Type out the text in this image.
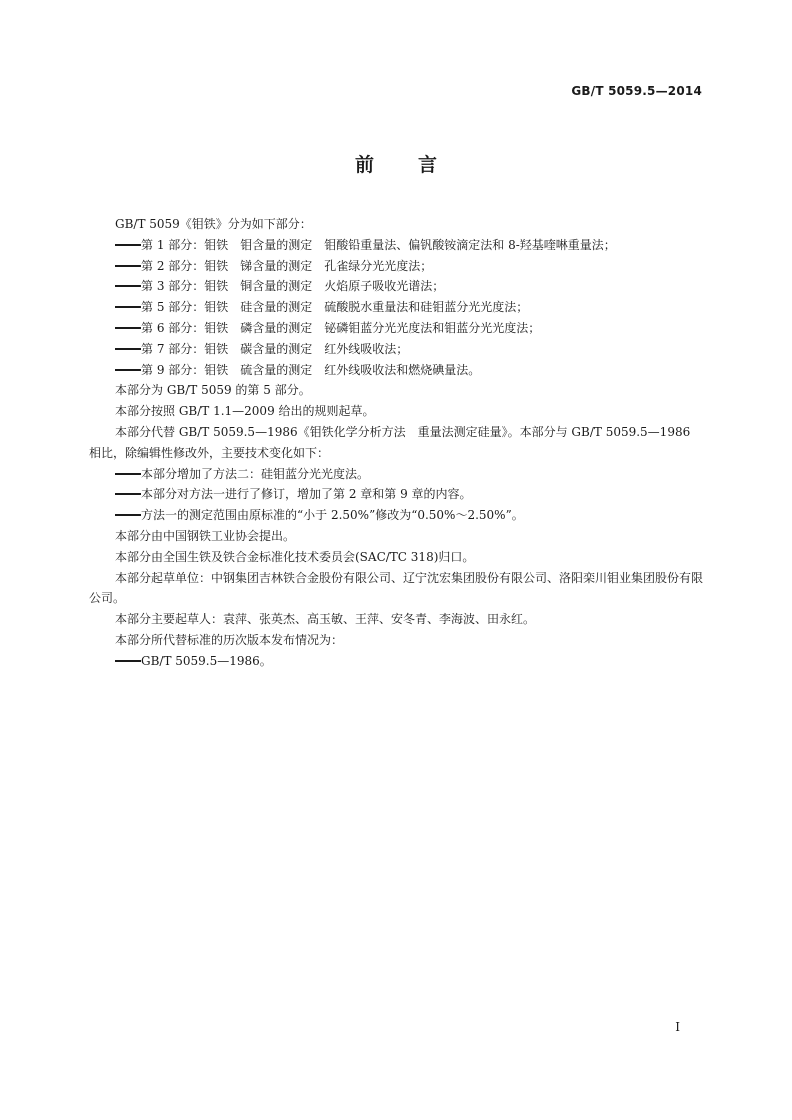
GB/T 5059.5—2014
前言
GB/T 5059《钼铁》分为如下部分：
第 1 部分：钼铁　钼含量的测定　钼酸铅重量法、偏钒酸铵滴定法和 8-羟基喹啉重量法；
第 2 部分：钼铁　锑含量的测定　孔雀绿分光光度法；
第 3 部分：钼铁　铜含量的测定　火焰原子吸收光谱法；
第 5 部分：钼铁　硅含量的测定　硫酸脱水重量法和硅钼蓝分光光度法；
第 6 部分：钼铁　磷含量的测定　铋磷钼蓝分光光度法和钼蓝分光光度法；
第 7 部分：钼铁　碳含量的测定　红外线吸收法；
第 9 部分：钼铁　硫含量的测定　红外线吸收法和燃烧碘量法。
本部分为 GB/T 5059 的第 5 部分。
本部分按照 GB/T 1.1—2009 给出的规则起草。
本部分代替 GB/T 5059.5—1986《钼铁化学分析方法　重量法测定硅量》。本部分与 GB/T 5059.5—1986 相比，除编辑性修改外，主要技术变化如下：
本部分增加了方法二：硅钼蓝分光光度法。
本部分对方法一进行了修订，增加了第 2 章和第 9 章的内容。
方法一的测定范围由原标准的“小于 2.50%”修改为“0.50%～2.50%”。
本部分由中国钢铁工业协会提出。
本部分由全国生铁及铁合金标准化技术委员会(SAC/TC 318)归口。
本部分起草单位：中钢集团吉林铁合金股份有限公司、辽宁沈宏集团股份有限公司、洛阳栾川钼业集团股份有限公司。
本部分主要起草人：袁萍、张英杰、高玉敏、王萍、安冬青、李海波、田永红。
本部分所代替标准的历次版本发布情况为：
GB/T 5059.5—1986。
I
